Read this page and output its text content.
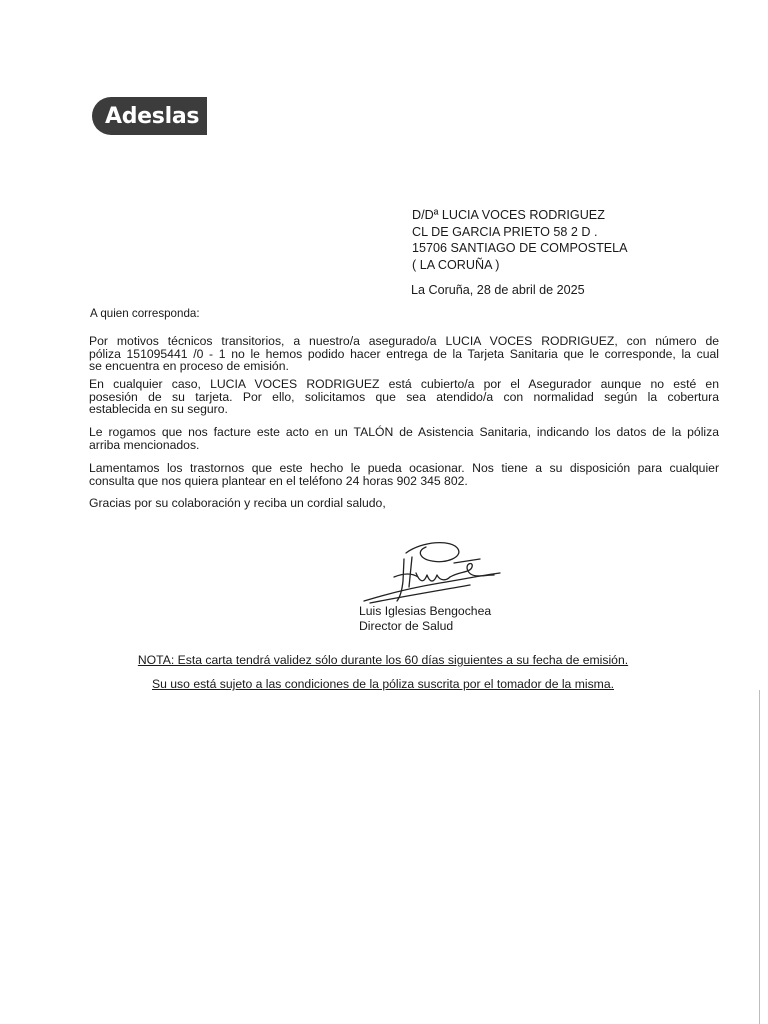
Adeslas
D/Dª LUCIA VOCES RODRIGUEZ
CL DE GARCIA PRIETO 58 2 D .
15706 SANTIAGO DE COMPOSTELA
( LA CORUÑA )
La Coruña, 28 de abril de 2025
A quien corresponda:
Por motivos técnicos transitorios, a nuestro/a asegurado/a LUCIA VOCES RODRIGUEZ, con número de
póliza 151095441 /0 - 1 no le hemos podido hacer entrega de la Tarjeta Sanitaria que le corresponde, la cual
se encuentra en proceso de emisión.
En cualquier caso, LUCIA VOCES RODRIGUEZ está cubierto/a por el Asegurador aunque no esté en
posesión de su tarjeta. Por ello, solicitamos que sea atendido/a con normalidad según la cobertura
establecida en su seguro.
Le rogamos que nos facture este acto en un TALÓN de Asistencia Sanitaria, indicando los datos de la póliza
arriba mencionados.
Lamentamos los trastornos que este hecho le pueda ocasionar. Nos tiene a su disposición para cualquier
consulta que nos quiera plantear en el teléfono 24 horas 902 345 802.
Gracias por su colaboración y reciba un cordial saludo,
Luis Iglesias Bengochea
Director de Salud
NOTA: Esta carta tendrá validez sólo durante los 60 días siguientes a su fecha de emisión.
Su uso está sujeto a las condiciones de la póliza suscrita por el tomador de la misma.
